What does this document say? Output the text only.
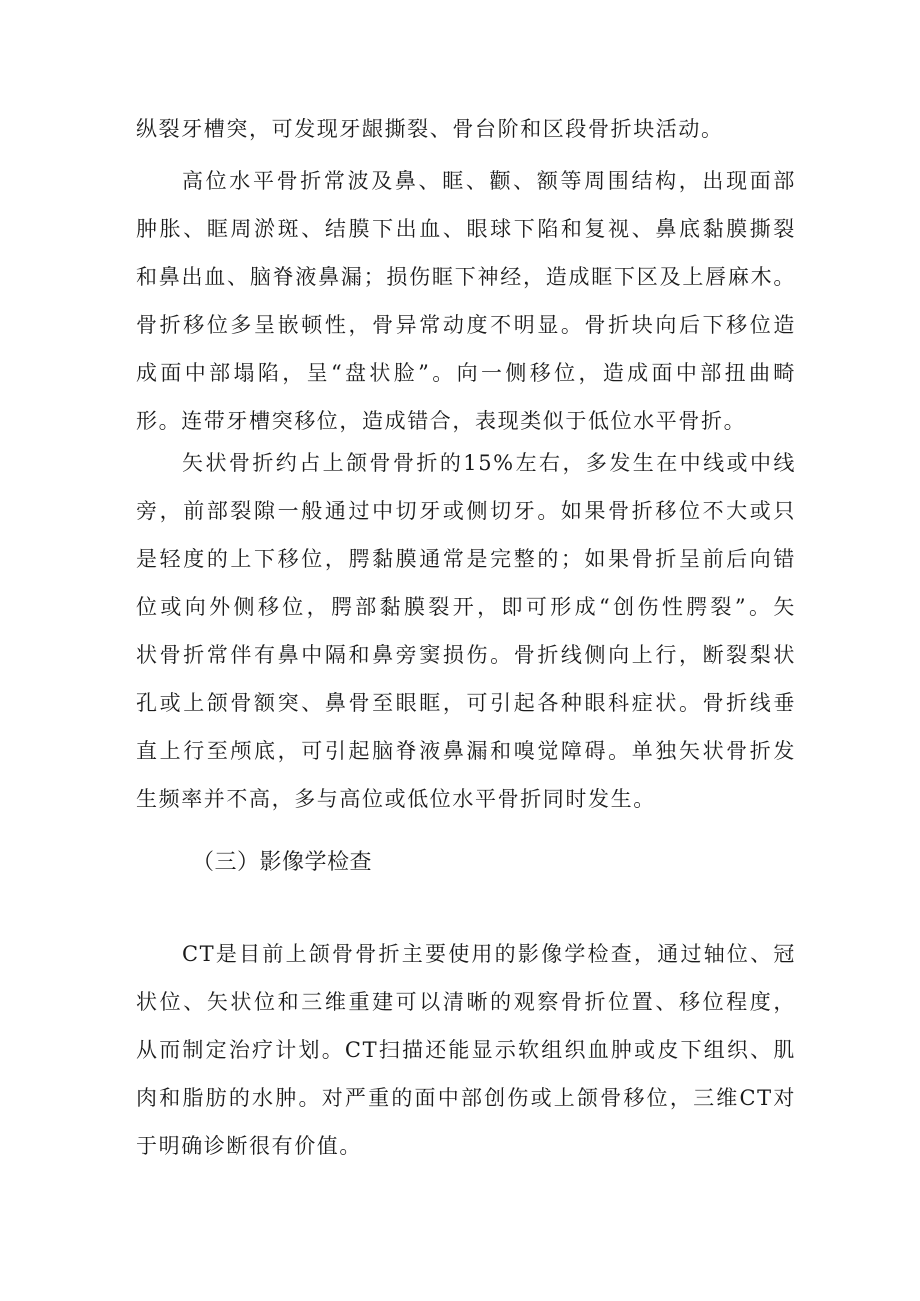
纵裂牙槽突，可发现牙龈撕裂、骨台阶和区段骨折块活动。
高位水平骨折常波及鼻、眶、颧、额等周围结构，出现面部
肿胀、眶周淤斑、结膜下出血、眼球下陷和复视、鼻底黏膜撕裂
和鼻出血、脑脊液鼻漏；损伤眶下神经，造成眶下区及上唇麻木。
骨折移位多呈嵌顿性，骨异常动度不明显。骨折块向后下移位造
成面中部塌陷，呈“盘状脸”。向一侧移位，造成面中部扭曲畸
形。连带牙槽突移位，造成错合，表现类似于低位水平骨折。
矢状骨折约占上颌骨骨折的15%左右，多发生在中线或中线
旁，前部裂隙一般通过中切牙或侧切牙。如果骨折移位不大或只
是轻度的上下移位，腭黏膜通常是完整的；如果骨折呈前后向错
位或向外侧移位，腭部黏膜裂开，即可形成“创伤性腭裂”。矢
状骨折常伴有鼻中隔和鼻旁窦损伤。骨折线侧向上行，断裂梨状
孔或上颌骨额突、鼻骨至眼眶，可引起各种眼科症状。骨折线垂
直上行至颅底，可引起脑脊液鼻漏和嗅觉障碍。单独矢状骨折发
生频率并不高，多与高位或低位水平骨折同时发生。
（三）影像学检查
CT是目前上颌骨骨折主要使用的影像学检查，通过轴位、冠
状位、矢状位和三维重建可以清晰的观察骨折位置、移位程度，
从而制定治疗计划。CT扫描还能显示软组织血肿或皮下组织、肌
肉和脂肪的水肿。对严重的面中部创伤或上颌骨移位，三维CT对
于明确诊断很有价值。
